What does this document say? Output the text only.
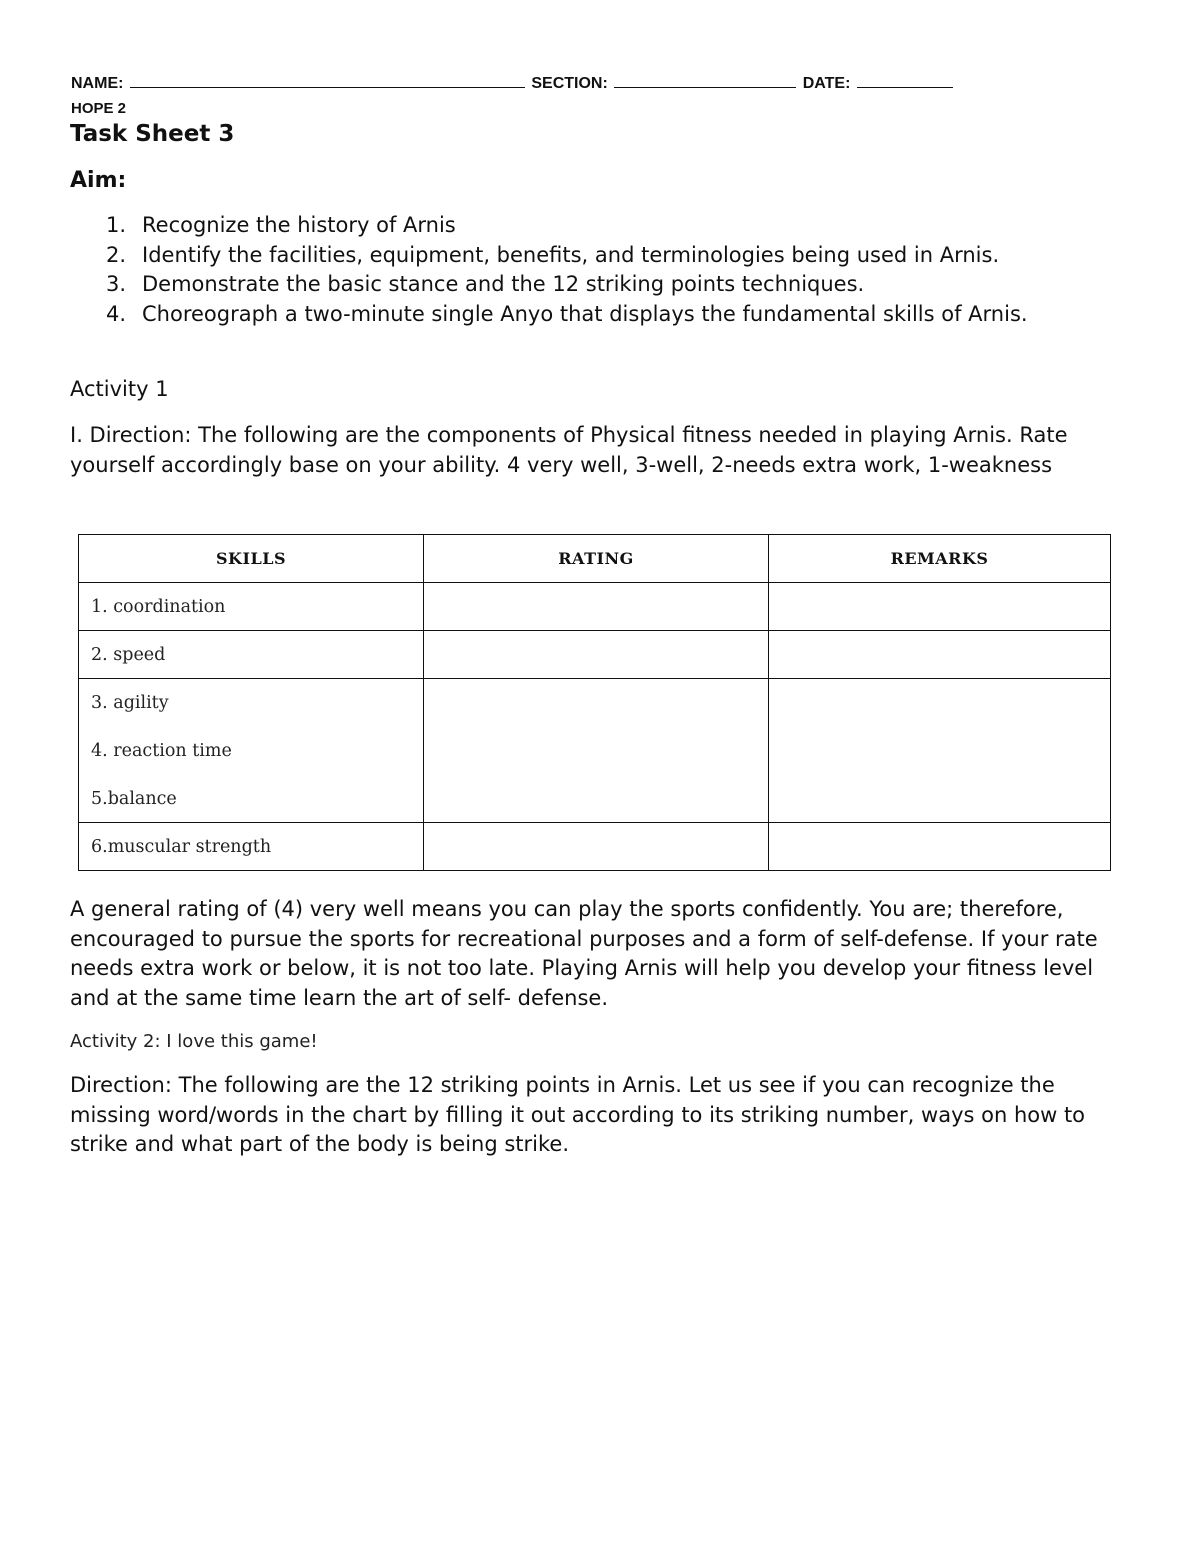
NAME:	SECTION:	DATE:
HOPE 2
Task Sheet 3
Aim:
1. Recognize the history of Arnis
2. Identify the facilities, equipment, benefits, and terminologies being used in Arnis.
3. Demonstrate the basic stance and the 12 striking points techniques.
4. Choreograph a two-minute single Anyo that displays the fundamental skills of Arnis.

Activity 1

I. Direction: The following are the components of Physical fitness needed in playing Arnis. Rate yourself accordingly base on your ability. 4 very well, 3-well, 2-needs extra work, 1-weakness

SKILLS	RATING	REMARKS
1. coordination		
2. speed		

3. agility
4. reaction time
5.balance		

6.muscular strength		

A general rating of (4) very well means you can play the sports confidently. You are; therefore, encouraged to pursue the sports for recreational purposes and a form of self-defense. If your rate needs extra work or below, it is not too late. Playing Arnis will help you develop your fitness level and at the same time learn the art of self- defense.

Activity 2: I love this game!

Direction: The following are the 12 striking points in Arnis. Let us see if you can recognize the missing word/words in the chart by filling it out according to its striking number, ways on how to strike and what part of the body is being strike.
